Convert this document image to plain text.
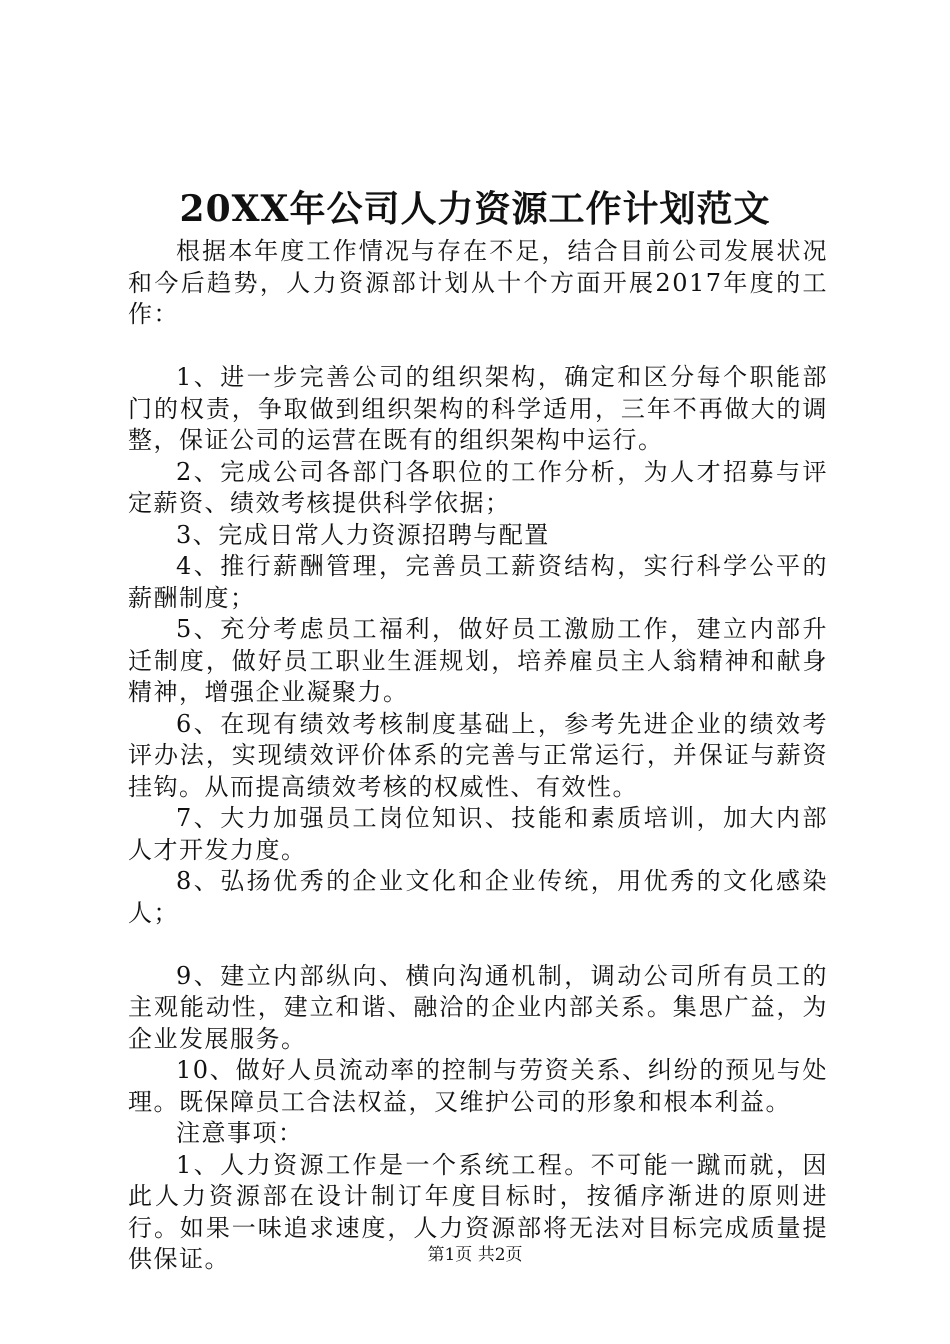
20XX年公司人力资源工作计划范文

根据本年度工作情况与存在不足，结合目前公司发展状况和今后趋势，人力资源部计划从十个方面开展2017年度的工作：

1、进一步完善公司的组织架构，确定和区分每个职能部门的权责，争取做到组织架构的科学适用，三年不再做大的调整，保证公司的运营在既有的组织架构中运行。

2、完成公司各部门各职位的工作分析，为人才招募与评定薪资、绩效考核提供科学依据；

3、完成日常人力资源招聘与配置

4、推行薪酬管理，完善员工薪资结构，实行科学公平的薪酬制度；

5、充分考虑员工福利，做好员工激励工作，建立内部升迁制度，做好员工职业生涯规划，培养雇员主人翁精神和献身精神，增强企业凝聚力。

6、在现有绩效考核制度基础上，参考先进企业的绩效考评办法，实现绩效评价体系的完善与正常运行，并保证与薪资挂钩。从而提高绩效考核的权威性、有效性。

7、大力加强员工岗位知识、技能和素质培训，加大内部人才开发力度。

8、弘扬优秀的企业文化和企业传统，用优秀的文化感染人；

9、建立内部纵向、横向沟通机制，调动公司所有员工的主观能动性，建立和谐、融洽的企业内部关系。集思广益，为企业发展服务。

10、做好人员流动率的控制与劳资关系、纠纷的预见与处理。既保障员工合法权益，又维护公司的形象和根本利益。

注意事项：

1、人力资源工作是一个系统工程。不可能一蹴而就，因此人力资源部在设计制订年度目标时，按循序渐进的原则进行。如果一味追求速度，人力资源部将无法对目标完成质量提供保证。	第1页 共2页
